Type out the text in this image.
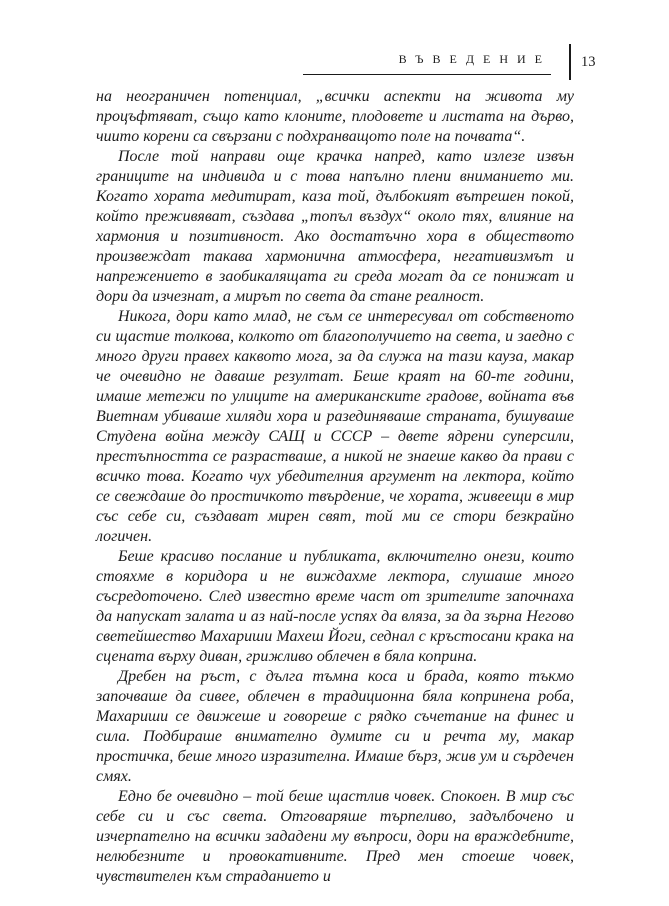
ВЪВЕДЕНИЕ 13

на неограничен потенциал, „всички аспекти на живота му процъфтяват, също като клоните, плодовете и листата на дърво, чиито корени са свързани с подхранващото поле на почвата“.

После той направи още крачка напред, като излезе извън границите на индивида и с това напълно плени вниманието ми. Когато хората медитират, каза той, дълбокият вътрешен покой, който преживяват, създава „топъл въздух“ около тях, влияние на хармония и позитивност. Ако достатъчно хора в обществото произвеждат такава хармонична атмосфера, негативизмът и напрежението в заобикалящата ги среда могат да се понижат и дори да изчезнат, а мирът по света да стане реалност.

Никога, дори като млад, не съм се интересувал от собственото си щастие толкова, колкото от благополучието на света, и заедно с много други правех каквото мога, за да служа на тази кауза, макар че очевидно не даваше резултат. Беше краят на 60-те години, имаше метежи по улиците на американските градове, войната във Виетнам убиваше хиляди хора и разединяваше страната, бушуваше Студена война между САЩ и СССР – двете ядрени суперсили, престъпността се разрастваше, а никой не знаеше какво да прави с всичко това. Когато чух убедителния аргумент на лектора, който се свеждаше до простичкото твърдение, че хората, живеещи в мир със себе си, създават мирен свят, той ми се стори безкрайно логичен.

Беше красиво послание и публиката, включително онези, които стояхме в коридора и не виждахме лектора, слушаше много съсредоточено. След известно време част от зрителите започнаха да напускат залата и аз най-после успях да вляза, за да зърна Негово светейшество Махариши Махеш Йоги, седнал с кръстосани крака на сцената върху диван, грижливо облечен в бяла коприна.

Дребен на ръст, с дълга тъмна коса и брада, която тъкмо започваше да сивее, облечен в традиционна бяла копринена роба, Махариши се движеше и говореше с рядко съчетание на финес и сила. Подбираше внимателно думите си и речта му, макар простичка, беше много изразителна. Имаше бърз, жив ум и сърдечен смях.

Едно бе очевидно – той беше щастлив човек. Спокоен. В мир със себе си и със света. Отговаряше търпеливо, задълбочено и изчерпателно на всички зададени му въпроси, дори на враждебните, нелюбезните и провокативните. Пред мен стоеше човек, чувствителен към страданието и
